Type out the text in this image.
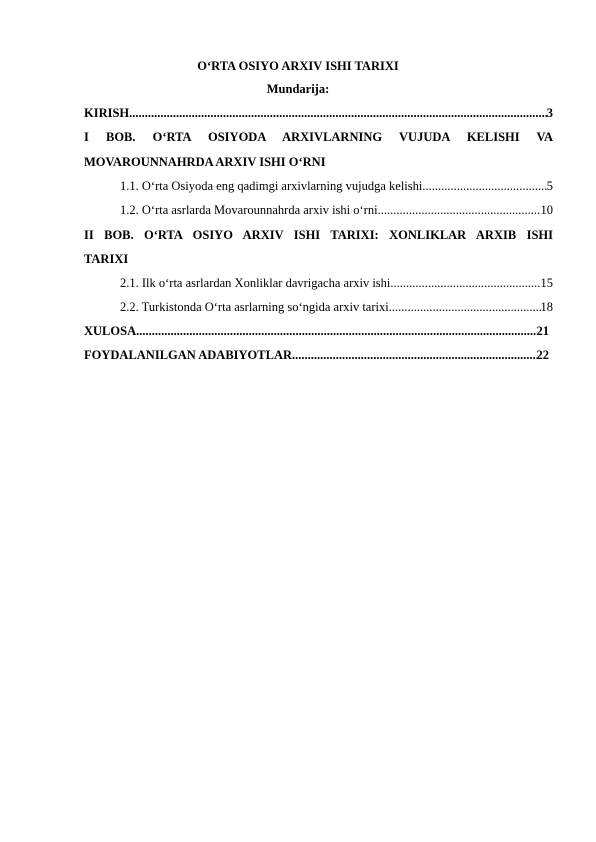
O‘RTA OSIYO ARXIV ISHI TARIXI
Mundarija:
KIRISH .....	3
I BOB. O‘RTA OSIYODA ARXIVLARNING VUJUDA KELISHI VA
MOVAROUNNAHRDA ARXIV ISHI O‘RNI
1.1. O‘rta Osiyoda eng qadimgi arxivlarning vujudga kelishi .....	5
1.2. O‘rta asrlarda Movarounnahrda arxiv ishi o‘rni .....	10
II BOB. O‘RTA OSIYO ARXIV ISHI TARIXI: XONLIKLAR ARXIB ISHI
TARIXI
2.1. Ilk o‘rta asrlardan Xonliklar davrigacha arxiv ishi .....	15
2.2. Turkistonda O‘rta asrlarning so‘ngida arxiv tarixi .....	18
XULOSA .....	21
FOYDALANILGAN ADABIYOTLAR .....	22
